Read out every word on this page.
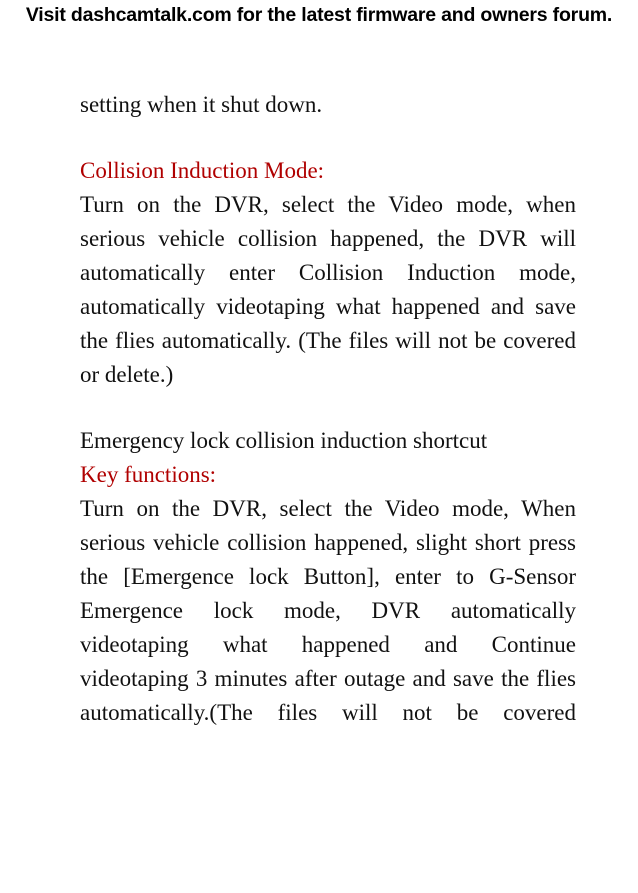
Visit dashcamtalk.com for the latest firmware and owners forum.

setting when it shut down.

Collision Induction Mode:

Turn on the DVR, select the Video mode, when serious vehicle collision happened, the DVR will automatically enter Collision Induction mode, automatically videotaping what happened and save the flies automatically. (The files will not be covered or delete.)

Emergency lock collision induction shortcut

Key functions:

Turn on the DVR, select the Video mode, When serious vehicle collision happened, slight short press the [Emergence lock Button], enter to G-Sensor Emergence lock mode, DVR automatically videotaping what happened and Continue videotaping 3 minutes after outage and save the flies automatically.(The files will not be covered
